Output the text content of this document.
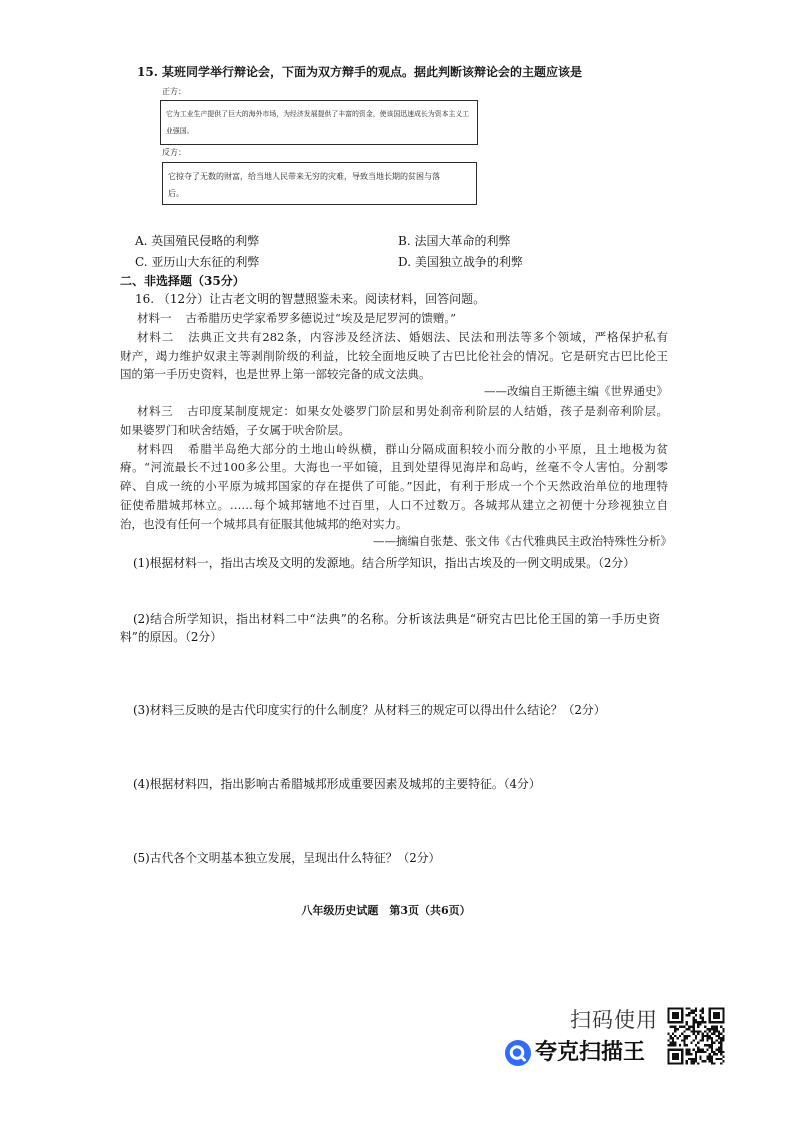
15. 某班同学举行辩论会，下面为双方辩手的观点。据此判断该辩论会的主题应该是
正方：
它为工业生产提供了巨大的海外市场，为经济发展提供了丰富的资金，使该国迅速成长为资本主义工
业强国。
反方：
它掠夺了无数的财富，给当地人民带来无穷的灾难，导致当地长期的贫困与落
后。
A. 英国殖民侵略的利弊	B. 法国大革命的利弊
C. 亚历山大东征的利弊	D. 美国独立战争的利弊
二、非选择题（35分）
16. （12分）让古老文明的智慧照鉴未来。阅读材料，回答问题。
材料一 古希腊历史学家希罗多德说过“埃及是尼罗河的馈赠。”
材料二 法典正文共有282条，内容涉及经济法、婚姻法、民法和刑法等多个领域，严格保护私有
财产，竭力维护奴隶主等剥削阶级的利益，比较全面地反映了古巴比伦社会的情况。它是研究古巴比伦王
国的第一手历史资料，也是世界上第一部较完备的成文法典。
——改编自王斯德主编《世界通史》
材料三 古印度某制度规定：如果女处婆罗门阶层和男处刹帝利阶层的人结婚，孩子是刹帝利阶层。
如果婆罗门和吠舍结婚，子女属于吠舍阶层。
材料四 希腊半岛绝大部分的土地山岭纵横，群山分隔成面积较小而分散的小平原，且土地极为贫
瘠。“河流最长不过100多公里。大海也一平如镜，且到处望得见海岸和岛屿，丝毫不令人害怕。分割零
碎、自成一统的小平原为城邦国家的存在提供了可能。”因此，有利于形成一个个天然政治单位的地理特
征使希腊城邦林立。……每个城邦辖地不过百里，人口不过数万。各城邦从建立之初便十分珍视独立自
治，也没有任何一个城邦具有征服其他城邦的绝对实力。
——摘编自张楚、张文伟《古代雅典民主政治特殊性分析》
(1)根据材料一，指出古埃及文明的发源地。结合所学知识，指出古埃及的一例文明成果。（2分）
(2)结合所学知识，指出材料二中“法典”的名称。分析该法典是“研究古巴比伦王国的第一手历史资
料”的原因。（2分）
(3)材料三反映的是古代印度实行的什么制度？从材料三的规定可以得出什么结论？（2分）
(4)根据材料四，指出影响古希腊城邦形成重要因素及城邦的主要特征。（4分）
(5)古代各个文明基本独立发展，呈现出什么特征？（2分）
八年级历史试题　第3页（共6页）
扫码使用
夸克扫描王
